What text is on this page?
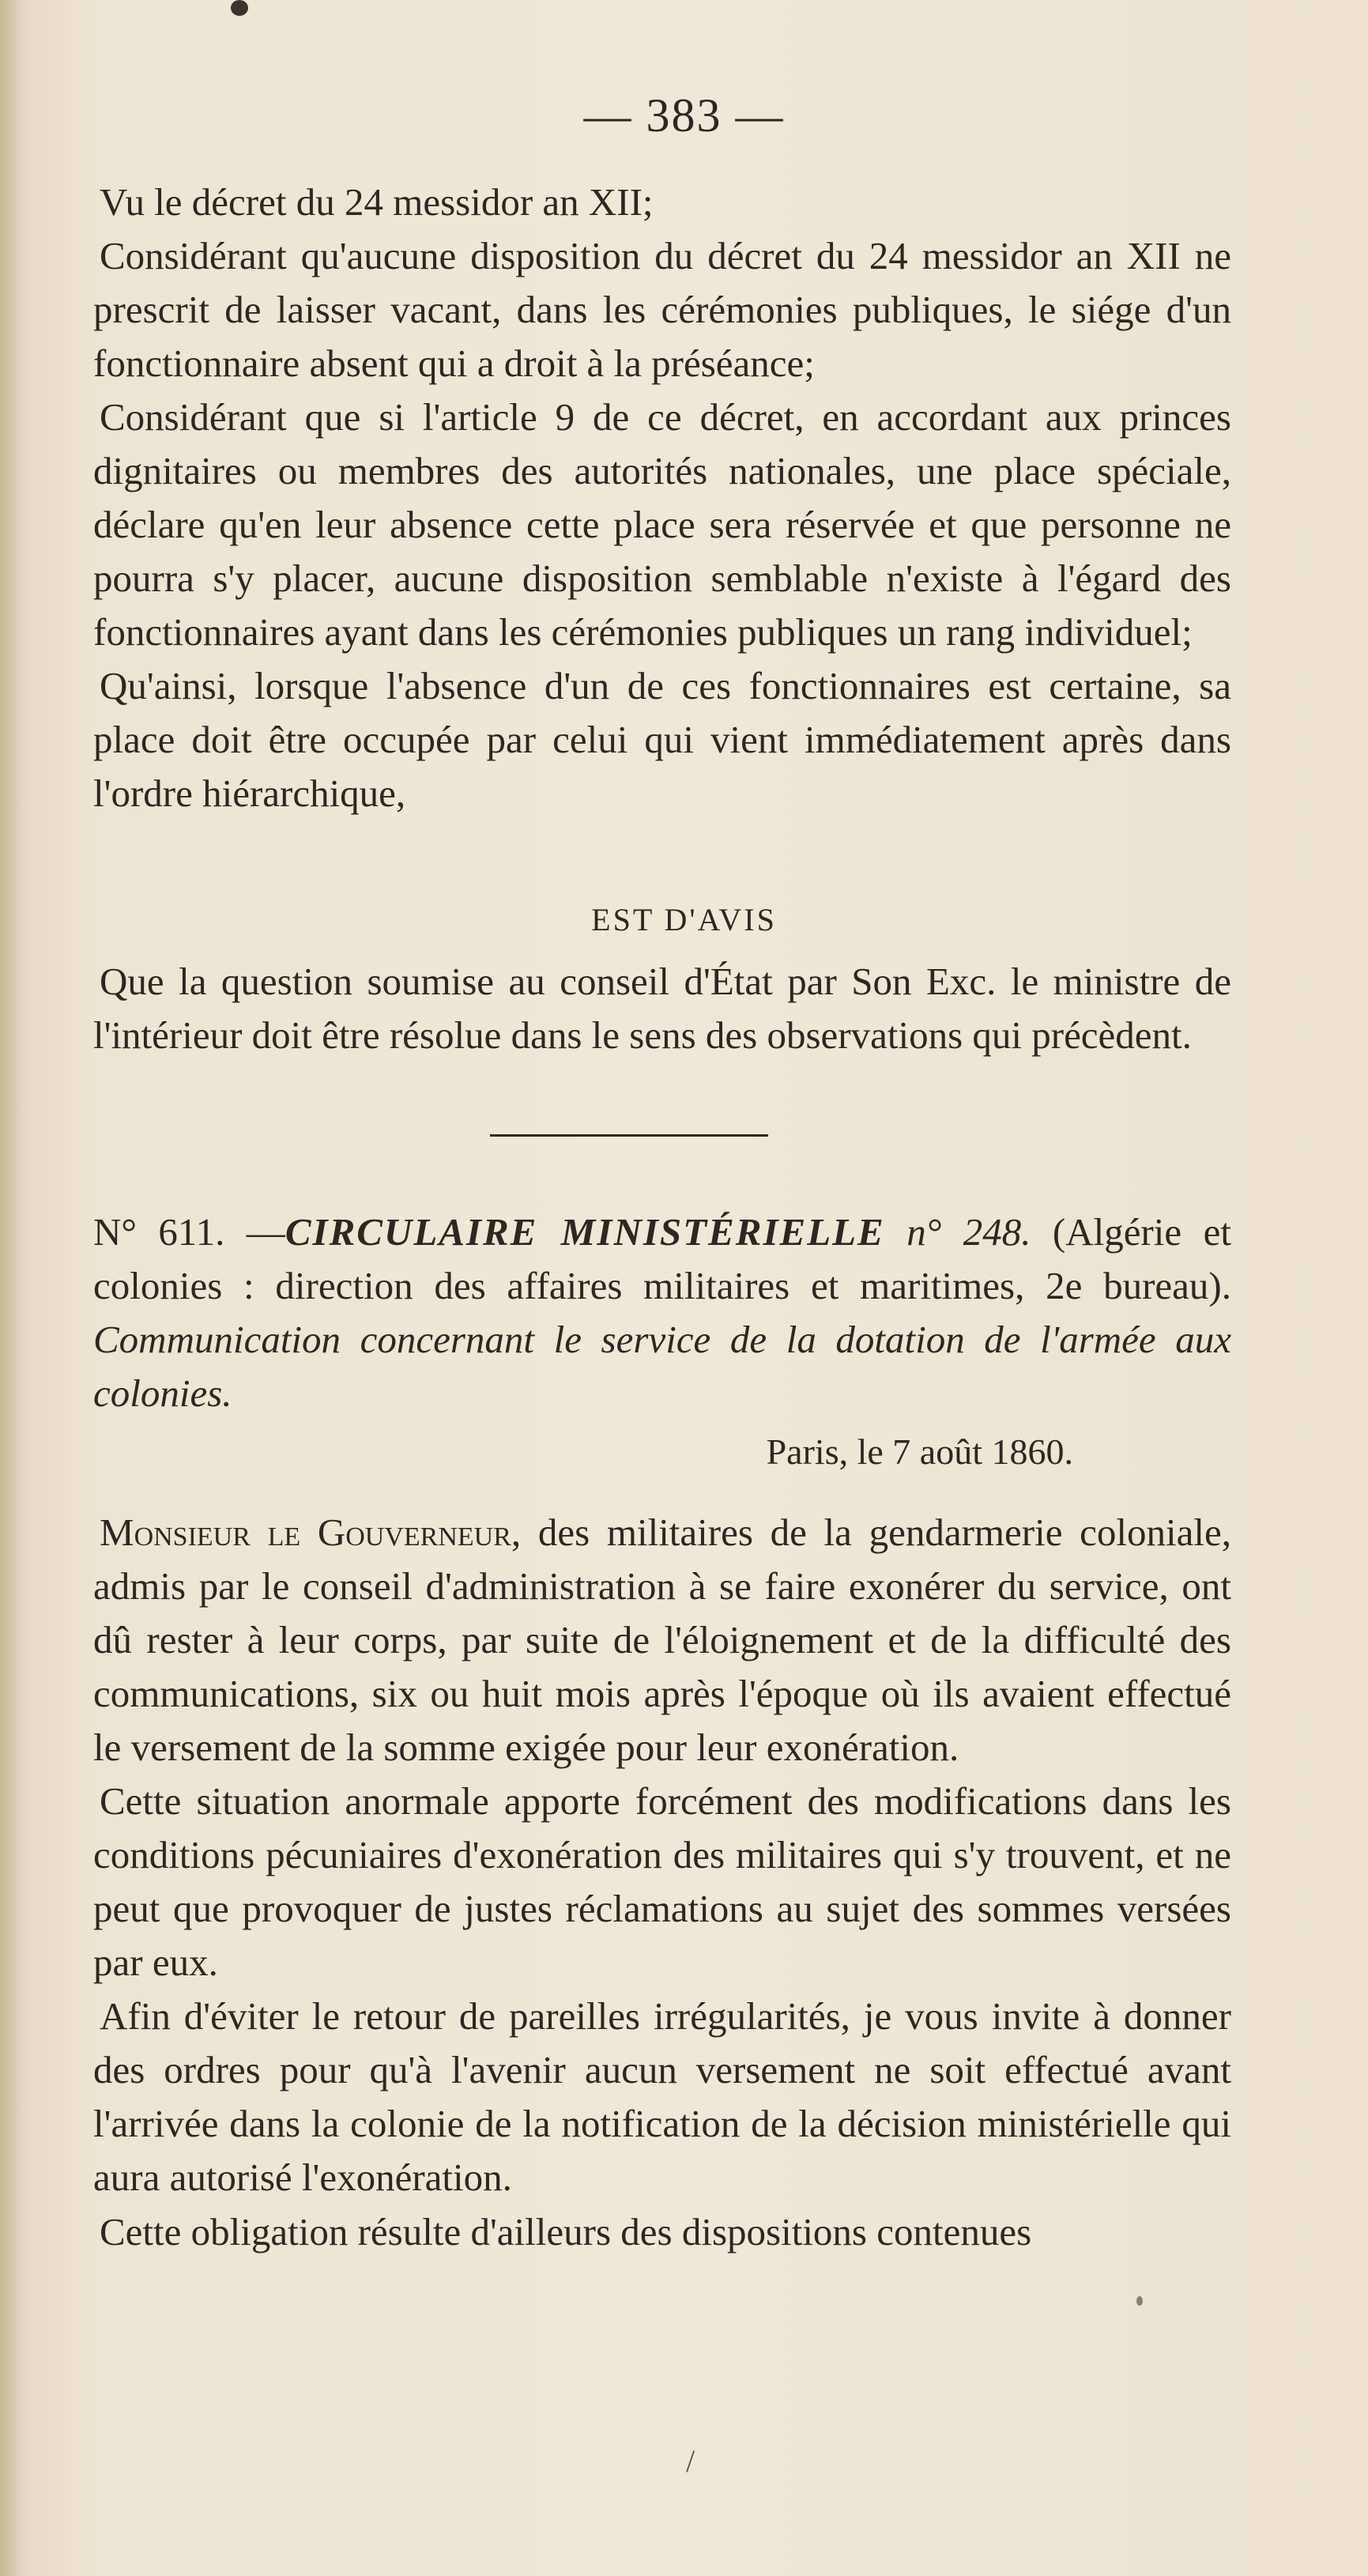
— 383 —

Vu le décret du 24 messidor an XII;

Considérant qu'aucune disposition du décret du 24 messidor an XII ne prescrit de laisser vacant, dans les cérémonies publiques, le siége d'un fonctionnaire absent qui a droit à la préséance;

Considérant que si l'article 9 de ce décret, en accordant aux princes dignitaires ou membres des autorités nationales, une place spéciale, déclare qu'en leur absence cette place sera réservée et que personne ne pourra s'y placer, aucune disposition semblable n'existe à l'égard des fonctionnaires ayant dans les cérémonies publiques un rang individuel;

Qu'ainsi, lorsque l'absence d'un de ces fonctionnaires est certaine, sa place doit être occupée par celui qui vient immédiatement après dans l'ordre hiérarchique,

EST D'AVIS

Que la question soumise au conseil d'État par Son Exc. le ministre de l'intérieur doit être résolue dans le sens des observations qui précèdent.

N° 611. —CIRCULAIRE MINISTÉRIELLE n° 248. (Algérie et colonies : direction des affaires militaires et maritimes, 2e bureau). Communication concernant le service de la dotation de l'armée aux colonies.
Paris, le 7 août 1860.

Monsieur le Gouverneur, des militaires de la gendarmerie coloniale, admis par le conseil d'administration à se faire exonérer du service, ont dû rester à leur corps, par suite de l'éloignement et de la difficulté des communications, six ou huit mois après l'époque où ils avaient effectué le versement de la somme exigée pour leur exonération.

Cette situation anormale apporte forcément des modifications dans les conditions pécuniaires d'exonération des militaires qui s'y trouvent, et ne peut que provoquer de justes réclamations au sujet des sommes versées par eux.

Afin d'éviter le retour de pareilles irrégularités, je vous invite à donner des ordres pour qu'à l'avenir aucun versement ne soit effectué avant l'arrivée dans la colonie de la notification de la décision ministérielle qui aura autorisé l'exonération.

Cette obligation résulte d'ailleurs des dispositions contenues

/
